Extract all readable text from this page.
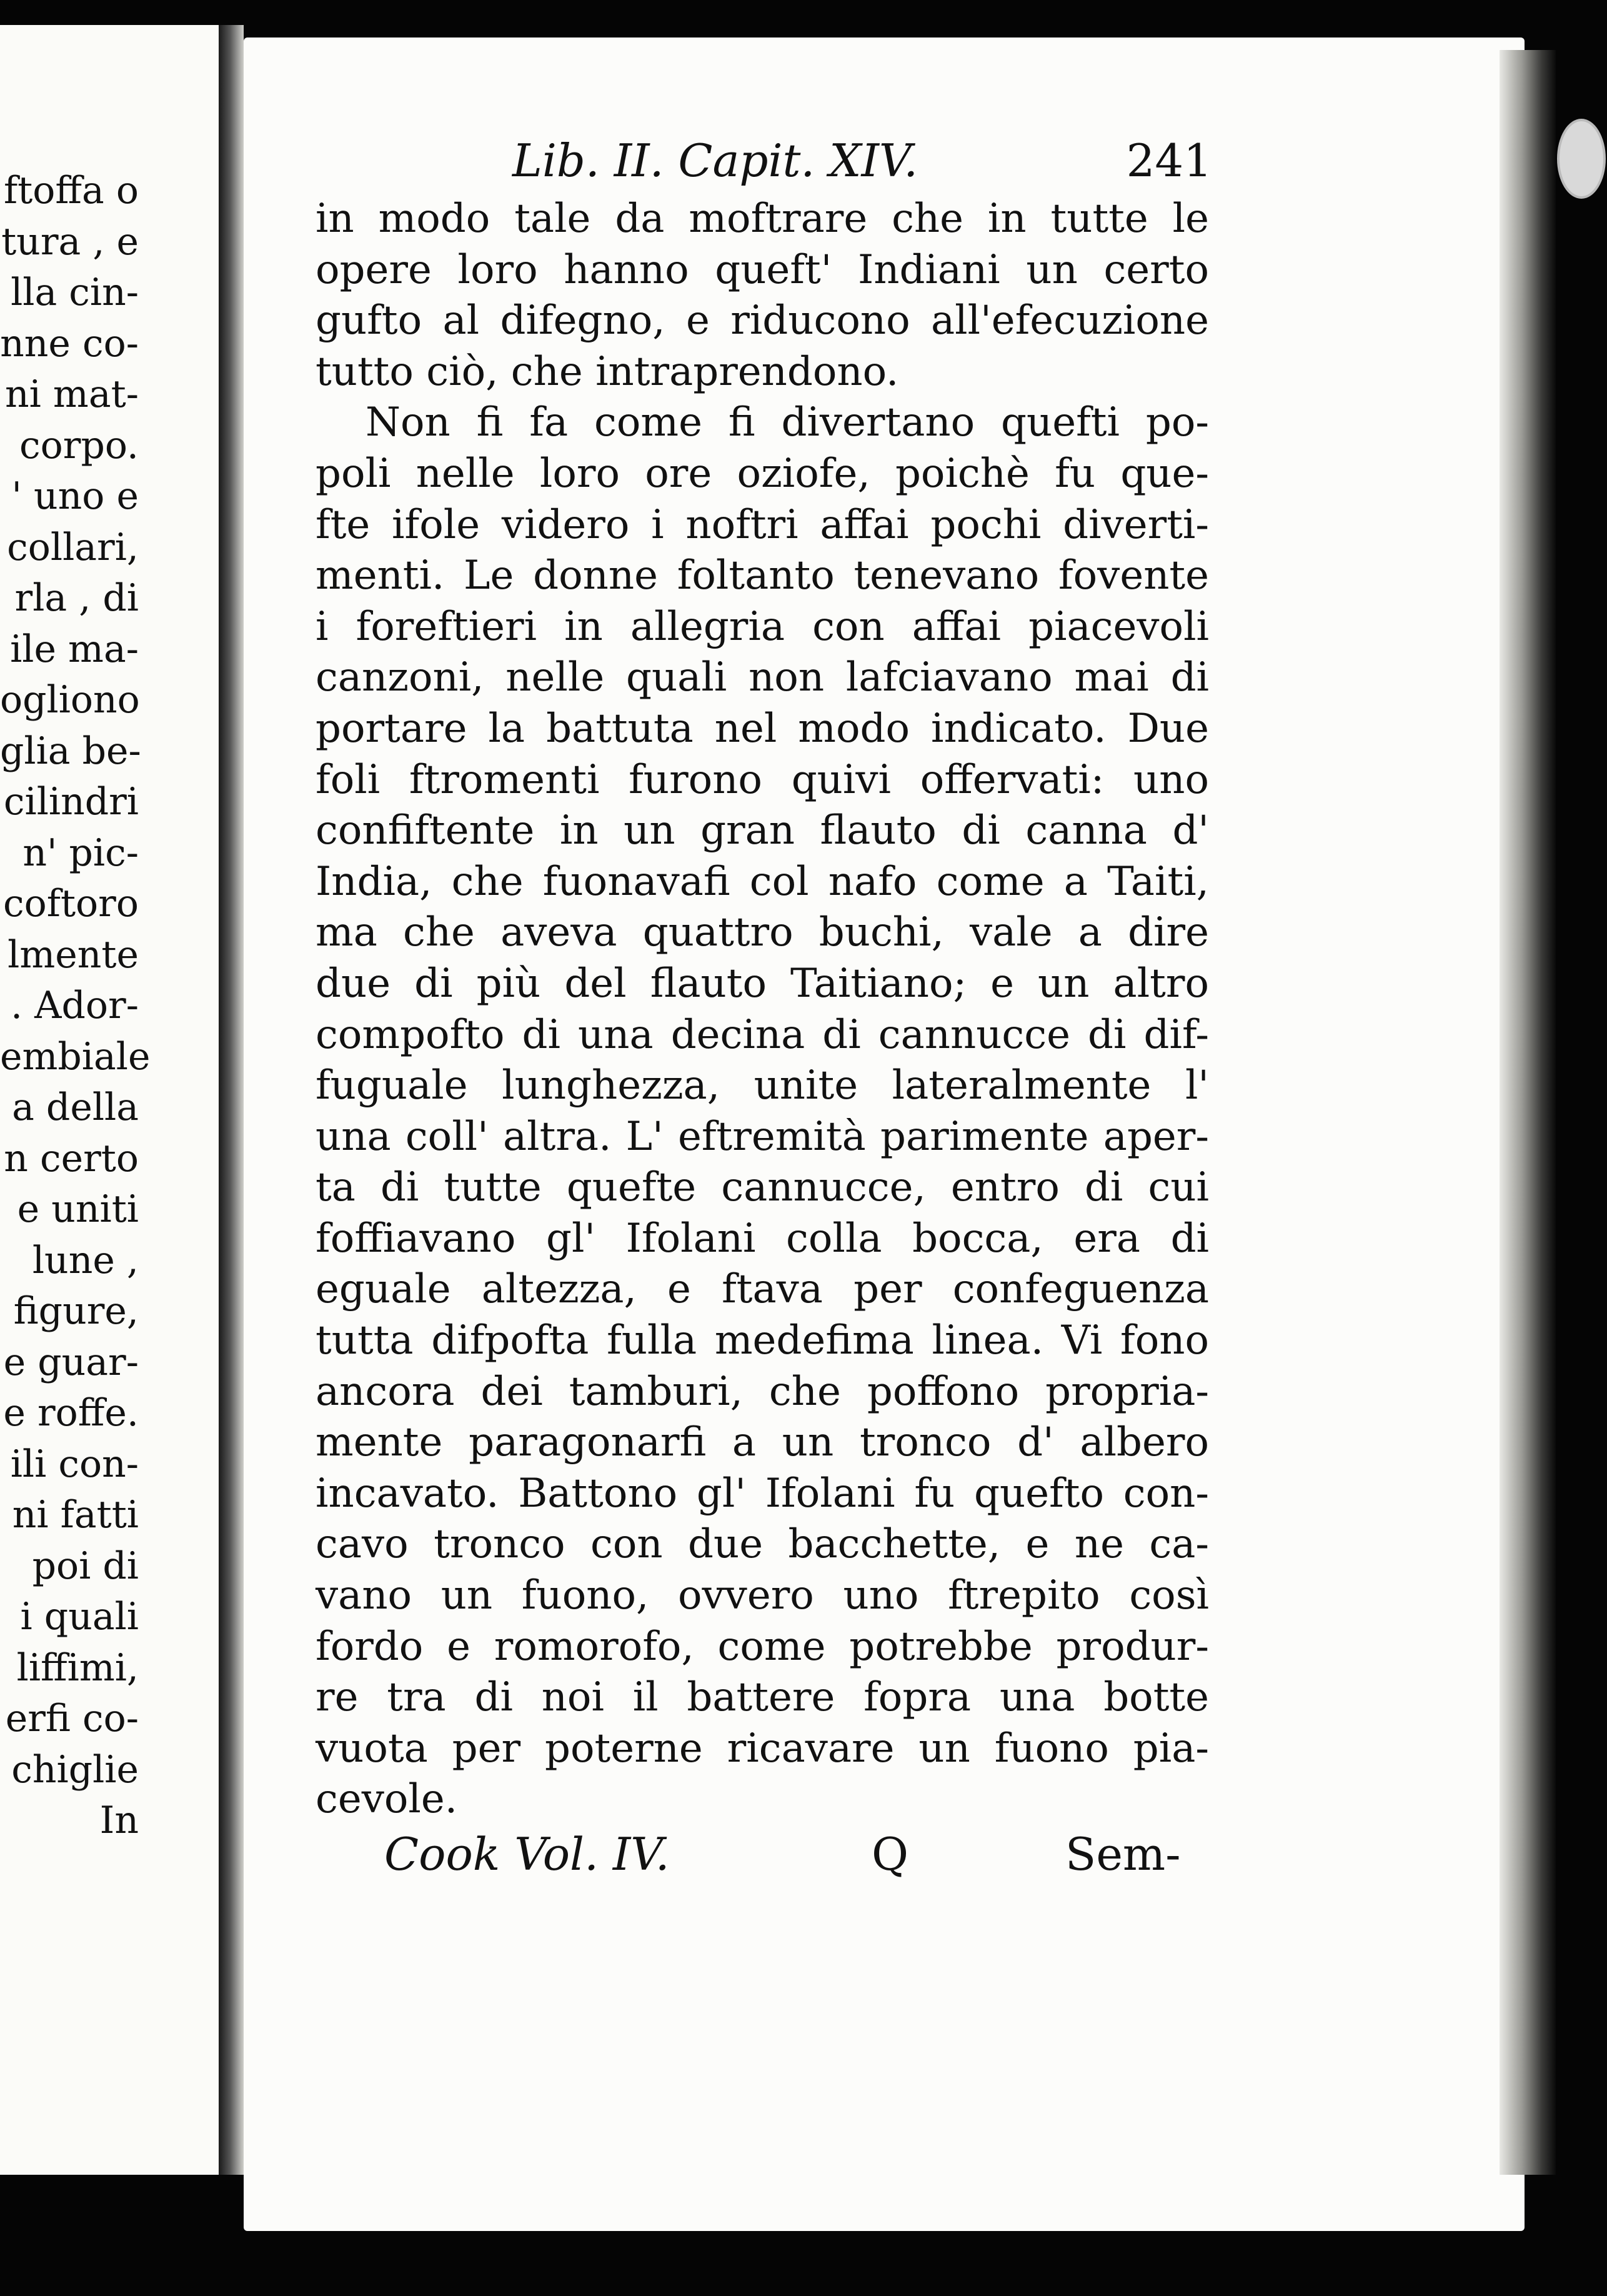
ftoffa o
tura , e
lla cin-
nne co-
ni mat-
corpo.
' uno e
collari,
rla , di
ile ma-
ogliono
glia be-
cilindri
n' pic-
coftoro
lmente
. Ador-
embiale
a della
n certo
e uniti
lune ,
figure,
e guar-
e roffe.
ili con-
ni fatti
poi di
i quali
liffimi,
erfi co-
chiglie
In
Lib. II. Capit. XIV.	241
in modo tale da moftrare che in tutte le
opere loro hanno queft' Indiani un certo
gufto al difegno, e riducono all'efecuzione
tutto ciò, che intraprendono.
Non fi fa come fi divertano quefti po-
poli nelle loro ore oziofe, poichè fu que-
fte ifole videro i noftri affai pochi diverti-
menti. Le donne foltanto tenevano fovente
i foreftieri in allegria con affai piacevoli
canzoni, nelle quali non lafciavano mai di
portare la battuta nel modo indicato. Due
foli ftromenti furono quivi offervati: uno
confiftente in un gran flauto di canna d'
India, che fuonavafi col nafo come a Taiti,
ma che aveva quattro buchi, vale a dire
due di più del flauto Taitiano; e un altro
compofto di una decina di cannucce di dif-
fuguale lunghezza, unite lateralmente l'
una coll' altra. L' eftremità parimente aper-
ta di tutte quefte cannucce, entro di cui
foffiavano gl' Ifolani colla bocca, era di
eguale altezza, e ftava per confeguenza
tutta difpofta fulla medefima linea. Vi fono
ancora dei tamburi, che poffono propria-
mente paragonarfi a un tronco d' albero
incavato. Battono gl' Ifolani fu quefto con-
cavo tronco con due bacchette, e ne ca-
vano un fuono, ovvero uno ftrepito così
fordo e romorofo, come potrebbe produr-
re tra di noi il battere fopra una botte
vuota per poterne ricavare un fuono pia-
cevole.
Cook Vol. IV.	Q	Sem-
